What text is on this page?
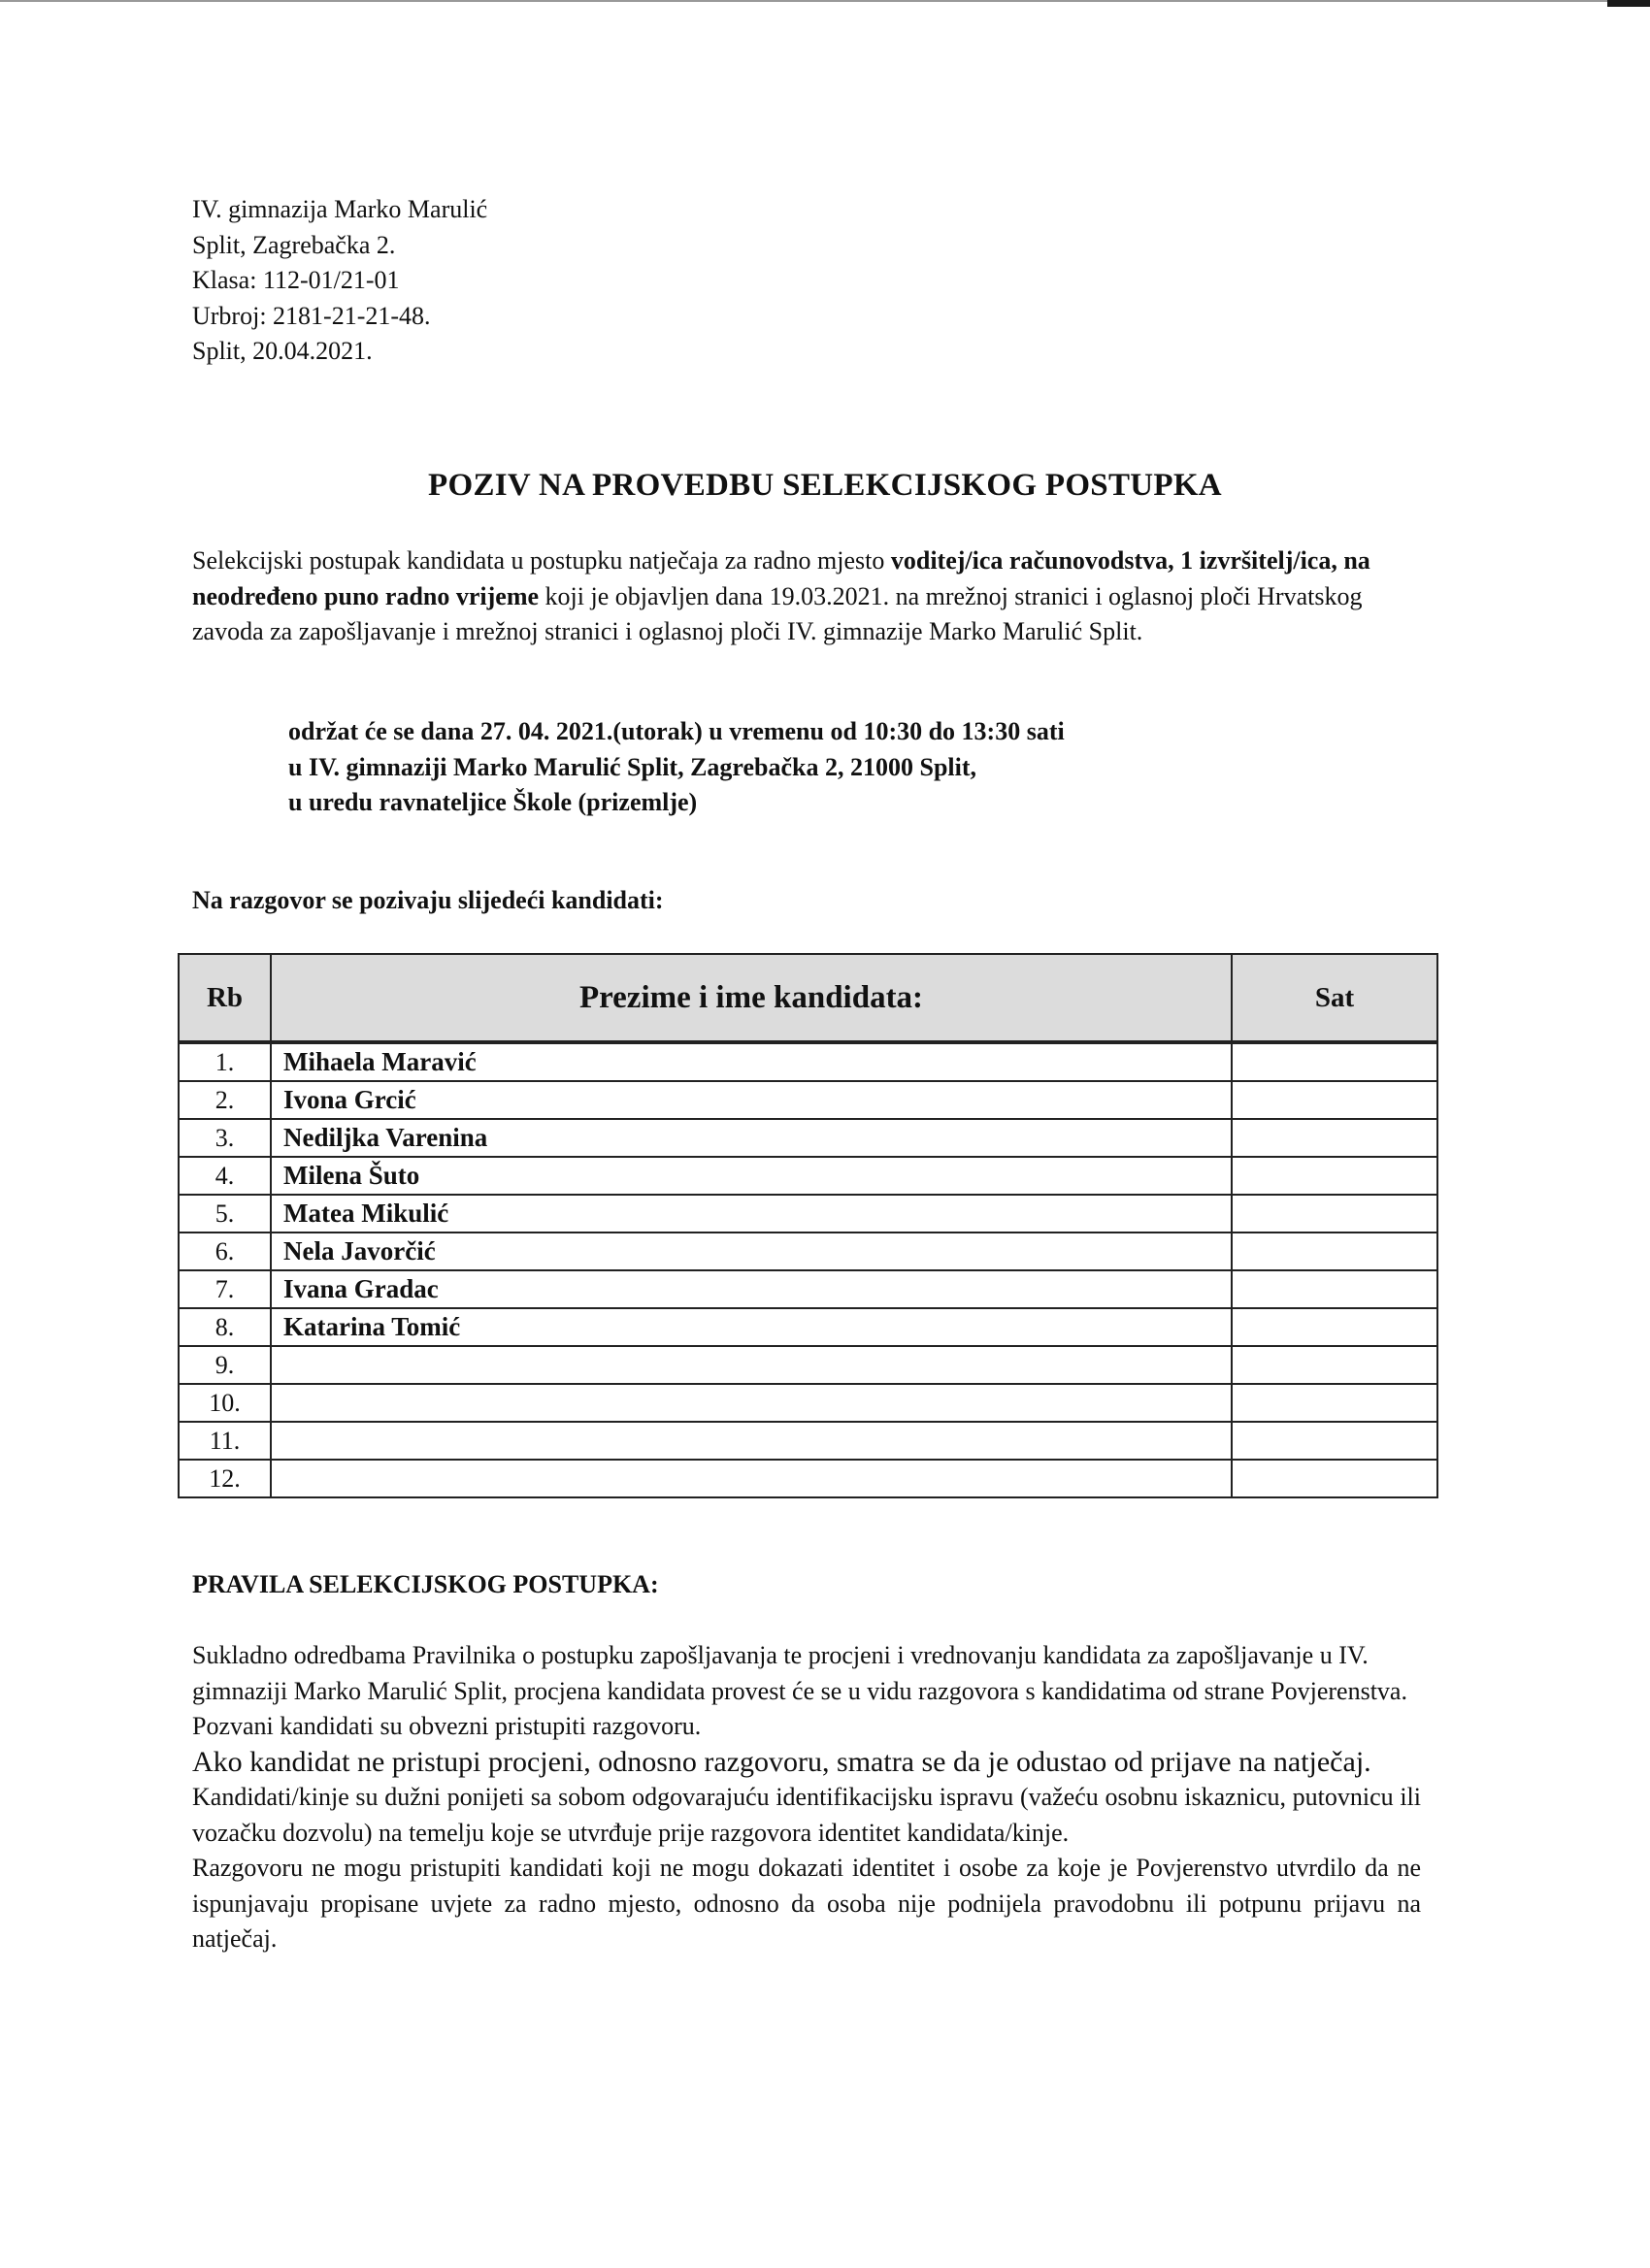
IV. gimnazija Marko Marulić
Split, Zagrebačka 2.
Klasa: 112-01/21-01
Urbroj: 2181-21-21-48.
Split, 20.04.2021.
POZIV NA PROVEDBU SELEKCIJSKOG POSTUPKA
Selekcijski postupak kandidata u postupku natječaja za radno mjesto voditej/ica računovodstva, 1 izvršitelj/ica, na neodređeno puno radno vrijeme koji je objavljen dana 19.03.2021. na mrežnoj stranici i oglasnoj ploči Hrvatskog zavoda za zapošljavanje i mrežnoj stranici i oglasnoj ploči IV. gimnazije Marko Marulić Split.
održat će se dana 27. 04. 2021.(utorak) u vremenu od 10:30 do 13:30 sati
u IV. gimnaziji Marko Marulić Split, Zagrebačka 2, 21000 Split,
u uredu ravnateljice Škole (prizemlje)
Na razgovor se pozivaju slijedeći kandidati:
Rb	Prezime i ime kandidata:	Sat
1.	Mihaela Maravić	
2.	Ivona Grcić	
3.	Nediljka Varenina	
4.	Milena Šuto	
5.	Matea Mikulić	
6.	Nela Javorčić	
7.	Ivana Gradac	
8.	Katarina Tomić	
9.		
10.		
11.		
12.		
PRAVILA SELEKCIJSKOG POSTUPKA:

Sukladno odredbama Pravilnika o postupku zapošljavanja te procjeni i vrednovanju kandidata za zapošljavanje u IV. gimnaziji Marko Marulić Split, procjena kandidata provest će se u vidu razgovora s kandidatima od strane Povjerenstva.

Pozvani kandidati su obvezni pristupiti razgovoru.

Ako kandidat ne pristupi procjeni, odnosno razgovoru, smatra se da je odustao od prijave na natječaj.

Kandidati/kinje su dužni ponijeti sa sobom odgovarajuću identifikacijsku ispravu (važeću osobnu iskaznicu, putovnicu ili vozačku dozvolu) na temelju koje se utvrđuje prije razgovora identitet kandidata/kinje.

Razgovoru ne mogu pristupiti kandidati koji ne mogu dokazati identitet i osobe za koje je Povjerenstvo utvrdilo da ne ispunjavaju propisane uvjete za radno mjesto, odnosno da osoba nije podnijela pravodobnu ili potpunu prijavu na natječaj.
